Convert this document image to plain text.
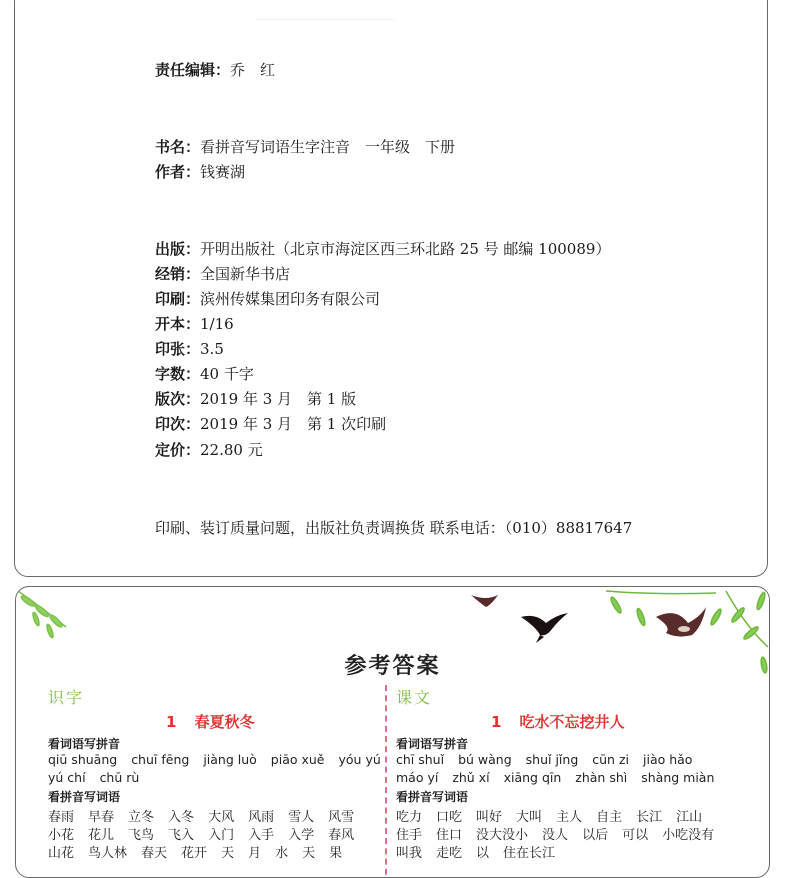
责任编辑：乔　红
书名：看拼音写词语生字注音　一年级　下册
作者：钱赛湖
出版：开明出版社（北京市海淀区西三环北路 25 号 邮编 100089）
经销：全国新华书店
印刷：滨州传媒集团印务有限公司
开本：1/16
印张：3.5
字数：40 千字
版次：2019 年 3 月　第 1 版
印次：2019 年 3 月　第 1 次印刷
定价：22.80 元
印刷、装订质量问题，出版社负责调换货 联系电话：（010）88817647
参考答案
识字
1 春夏秋冬
看词语写拼音
qiū shuāng chuī fēng jiàng luò piāo xuě yóu yú
yú chí chū rù
看拼音写词语
春雨 早春 立冬 入冬 大风 风雨 雪人 风雪
小花 花儿 飞鸟 飞入 入门 入手 入学 春风
山花 鸟人林 春天 花开 天 月 水 天 果
课文
1 吃水不忘挖井人
看词语写拼音
chī shuǐ bú wàng shuǐ jǐng cūn zi jiào hǎo
máo yí zhǔ xí xiāng qīn zhàn shì shàng miàn
看拼音写词语
吃力 口吃 叫好 大叫 主人 自主 长江 江山
住手 住口 没大没小 没人 以后 可以 小吃没有
叫我 走吃 以 住在长江
